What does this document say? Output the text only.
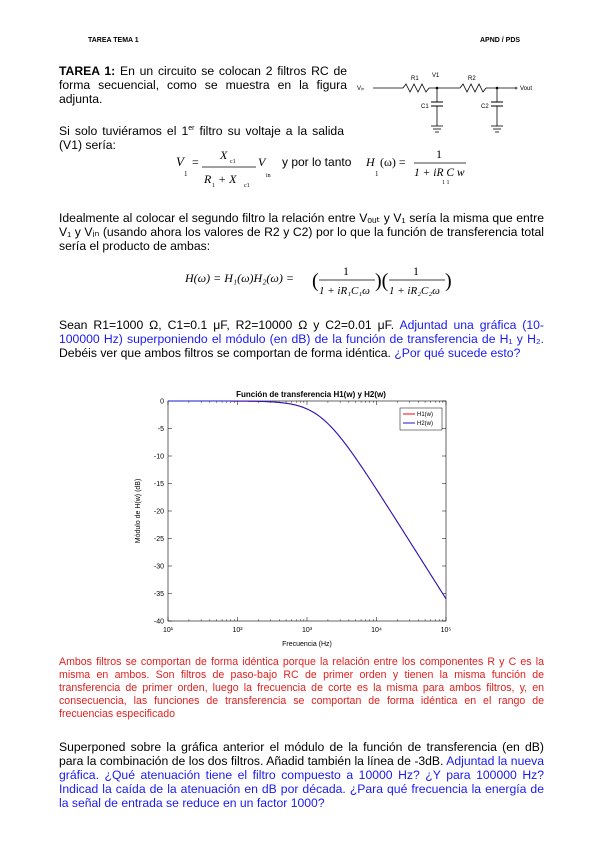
TAREA TEMA 1	APND / PDS
TAREA 1: En un circuito se colocan 2 filtros RC de forma secuencial, como se muestra en la figura adjunta.
Vᵢₙ
R1 V1
C1
R2
C2
Vout
Si solo tuviéramos el 1er filtro su voltaje a la salida (V1) sería:
V
1
= X c1
R 1 + X c1
V
in
y por lo tanto H
1
(ω) =
1
1 + iR C w
1 1
Idealmente al colocar el segundo filtro la relación entre Vₒᵤₜ y V₁ sería la misma que entre V₁ y Vᵢₙ (usando ahora los valores de R2 y C2) por lo que la función de transferencia total sería el producto de ambas:
H(ω) = H₁(ω)H₂(ω) = ( 1
1 + iR₁C₁ω )( 1
1 + iR₂C₂ω )
Sean R1=1000 Ω, C1=0.1 μF, R2=10000 Ω y C2=0.01 μF. Adjuntad una gráfica (10-100000 Hz) superponiendo el módulo (en dB) de la función de transferencia de H₁ y H₂. Debéis ver que ambos filtros se comportan de forma idéntica. ¿Por qué sucede esto?
Función de transferencia H1(w) y H2(w)
10¹	10²	10³	10⁴	10⁵
0
-5
-10
-15
-20
-25
-30
-35
-40
H1(w)
H2(w)
Frecuencia (Hz)
Módulo de H(w) (dB)
Ambos filtros se comportan de forma idéntica porque la relación entre los componentes R y C es la misma en ambos. Son filtros de paso-bajo RC de primer orden y tienen la misma función de transferencia de primer orden, luego la frecuencia de corte es la misma para ambos filtros, y, en consecuencia, las funciones de transferencia se comportan de forma idéntica en el rango de frecuencias especificado
Superponed sobre la gráfica anterior el módulo de la función de transferencia (en dB) para la combinación de los dos filtros. Añadid también la línea de -3dB. Adjuntad la nueva gráfica. ¿Qué atenuación tiene el filtro compuesto a 10000 Hz? ¿Y para 100000 Hz? Indicad la caída de la atenuación en dB por década. ¿Para qué frecuencia la energía de la señal de entrada se reduce en un factor 1000?
